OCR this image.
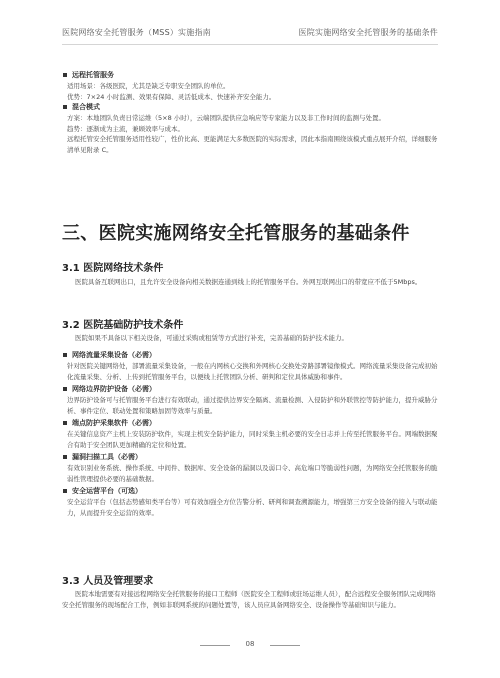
医院网络安全托管服务（MSS）实施指南	医院实施网络安全托管服务的基础条件
远程托管服务
适用场景：各级医院，尤其是缺乏专职安全团队的单位。
优势：7×24 小时监测、效果有保障、灵活低成本、快速补齐安全能力。
混合模式
方案：本地团队负责日常运维（5×8 小时），云端团队提供应急响应等专家能力以及非工作时间的监测与处置。
趋势：逐渐成为主流，兼顾效率与成本。
远程托管安全托管服务适用性较广，性价比高、更能满足大多数医院的实际需求，因此本指南围绕该模式重点展开介绍，详细服务清单见附录 C。
三、医院实施网络安全托管服务的基础条件
3.1 医院网络技术条件
医院具备互联网出口，且允许安全设备向相关数据连通到线上的托管服务平台。外网互联网出口的带宽应不低于5Mbps。
3.2 医院基础防护技术条件
医院如果不具备以下相关设备，可通过采购或租赁等方式进行补充，完善基础的防护技术能力。
网络流量采集设备（必需）
针对医院关键网络处，部署流量采集设备，一般在内网核心交换和外网核心交换处旁路部署镜像模式。网络流量采集设备完成初始化流量采集、分析、上传到托管服务平台，以便线上托管团队分析、研判和定位具体威胁和事件。
网络边界防护设备（必需）
边界防护设备可与托管服务平台进行有效联动，通过提供边界安全隔离、流量检测、入侵防护和外联管控等防护能力，提升威胁分析、事件定位、联动处置和策略加固等效率与质量。
端点防护采集软件（必需）
在关键信息资产主机上安装防护软件，实现主机安全防护能力，同时采集主机必要的安全日志并上传至托管服务平台。网端数据聚合有助于安全团队更加精确的定位和处置。
漏洞扫描工具（必需）
有效识别业务系统、操作系统、中间件、数据库、安全设备的漏洞以及弱口令、高危端口等脆弱性问题，为网络安全托管服务的脆弱性管理提供必要的基础数据。
安全运营平台（可选）
安全运营平台（包括态势感知类平台等）可有效加强全方位告警分析、研判和调查溯源能力，增强第三方安全设备的接入与联动能力，从而提升安全运营的效率。
3.3 人员及管理要求
医院本地需要有对接远程网络安全托管服务的接口工程师（医院安全工程师或驻场运维人员），配合远程安全服务团队完成网络安全托管服务的现场配合工作，例如非联网系统的问题处置等，该人员应具备网络安全、设备操作等基础知识与能力。
08
